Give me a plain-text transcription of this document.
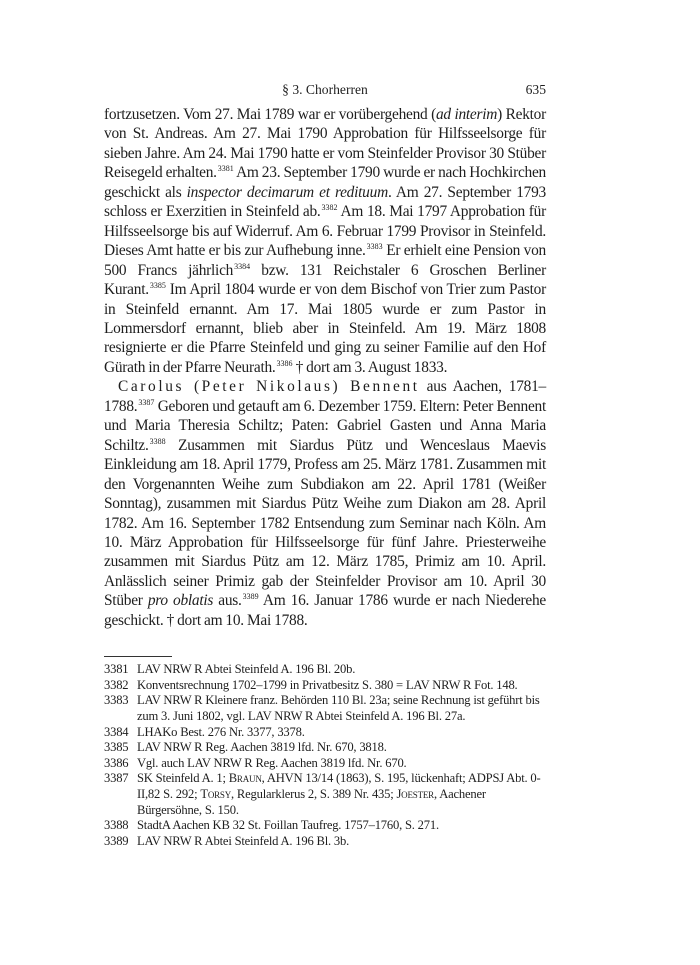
§ 3. Chorherren	635

fortzusetzen. Vom 27. Mai 1789 war er vorübergehend (ad interim) Rektor von St. Andreas. Am 27. Mai 1790 Approbation für Hilfsseelsorge für sieben Jahre. Am 24. Mai 1790 hatte er vom Steinfelder Provisor 30 Stüber Reisegeld erhalten.$^{3381}$ Am 23. September 1790 wurde er nach Hochkirchen geschickt als inspector decimarum et redituum. Am 27. September 1793 schloss er Exerzitien in Steinfeld ab.$^{3382}$ Am 18. Mai 1797 Approbation für Hilfsseelsorge bis auf Widerruf. Am 6. Februar 1799 Provisor in Steinfeld. Dieses Amt hatte er bis zur Aufhebung inne.$^{3383}$ Er erhielt eine Pension von 500 Francs jährlich$^{3384}$ bzw. 131 Reichstaler 6 Groschen Berliner Kurant.$^{3385}$ Im April 1804 wurde er von dem Bischof von Trier zum Pastor in Steinfeld ernannt. Am 17. Mai 1805 wurde er zum Pastor in Lommersdorf ernannt, blieb aber in Steinfeld. Am 19. März 1808 resignierte er die Pfarre Steinfeld und ging zu seiner Familie auf den Hof Gürath in der Pfarre Neurath.$^{3386}$ † dort am 3. August 1833.

Carolus (Peter Nikolaus) Bennent aus Aachen, 1781–1788.$^{3387}$ Geboren und getauft am 6. Dezember 1759. Eltern: Peter Bennent und Maria Theresia Schiltz; Paten: Gabriel Gasten und Anna Maria Schiltz.$^{3388}$ Zusammen mit Siardus Pütz und Wenceslaus Maevis Einkleidung am 18. April 1779, Profess am 25. März 1781. Zusammen mit den Vorgenannten Weihe zum Subdiakon am 22. April 1781 (Weißer Sonntag), zusammen mit Siardus Pütz Weihe zum Diakon am 28. April 1782. Am 16. September 1782 Entsendung zum Seminar nach Köln. Am 10. März Approbation für Hilfsseelsorge für fünf Jahre. Priesterweihe zusammen mit Siardus Pütz am 12. März 1785, Primiz am 10. April. Anlässlich seiner Primiz gab der Steinfelder Provisor am 10. April 30 Stüber pro oblatis aus.$^{3389}$ Am 16. Januar 1786 wurde er nach Niederehe geschickt. † dort am 10. Mai 1788.

3381 LAV NRW R Abtei Steinfeld A. 196 Bl. 20b.
3382 Konventsrechnung 1702–1799 in Privatbesitz S. 380 = LAV NRW R Fot. 148.
3383 LAV NRW R Kleinere franz. Behörden 110 Bl. 23a; seine Rechnung ist geführt bis zum 3. Juni 1802, vgl. LAV NRW R Abtei Steinfeld A. 196 Bl. 27a.
3384 LHAKo Best. 276 Nr. 3377, 3378.
3385 LAV NRW R Reg. Aachen 3819 lfd. Nr. 670, 3818.
3386 Vgl. auch LAV NRW R Reg. Aachen 3819 lfd. Nr. 670.
3387 SK Steinfeld A. 1; Braun, AHVN 13/14 (1863), S. 195, lückenhaft; ADPSJ Abt. 0-II,82 S. 292; Torsy, Regularklerus 2, S. 389 Nr. 435; Joester, Aachener Bürgersöhne, S. 150.
3388 StadtA Aachen KB 32 St. Foillan Taufreg. 1757–1760, S. 271.
3389 LAV NRW R Abtei Steinfeld A. 196 Bl. 3b.
